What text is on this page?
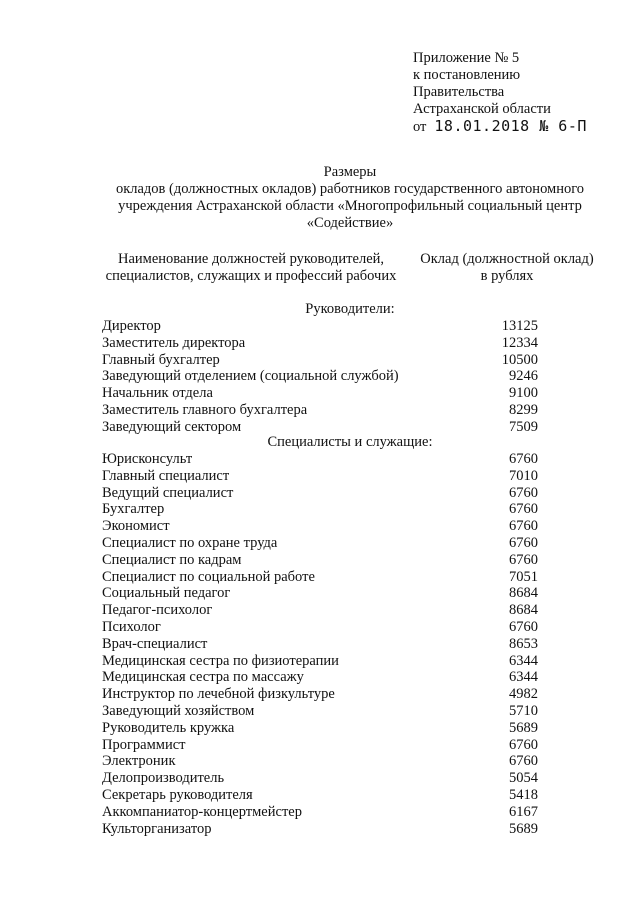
Приложение № 5
к постановлению
Правительства
Астраханской области
от 18.01.2018 № 6-П
Размеры
окладов (должностных окладов) работников государственного автономного
учреждения Астраханской области «Многопрофильный социальный центр
«Содействие»
Наименование должностей руководителей,
специалистов, служащих и профессий рабочих
Оклад (должностной оклад)
в рублях
Руководители:
Специалисты и служащие:
Директор	13125
Заместитель директора	12334
Главный бухгалтер	10500
Заведующий отделением (социальной службой)	9246
Начальник отдела	9100
Заместитель главного бухгалтера	8299
Заведующий сектором	7509
Юрисконсульт	6760
Главный специалист	7010
Ведущий специалист	6760
Бухгалтер	6760
Экономист	6760
Специалист по охране труда	6760
Специалист по кадрам	6760
Специалист по социальной работе	7051
Социальный педагог	8684
Педагог-психолог	8684
Психолог	6760
Врач-специалист	8653
Медицинская сестра по физиотерапии	6344
Медицинская сестра по массажу	6344
Инструктор по лечебной физкультуре	4982
Заведующий хозяйством	5710
Руководитель кружка	5689
Программист	6760
Электроник	6760
Делопроизводитель	5054
Секретарь руководителя	5418
Аккомпаниатор-концертмейстер	6167
Культорганизатор	5689
